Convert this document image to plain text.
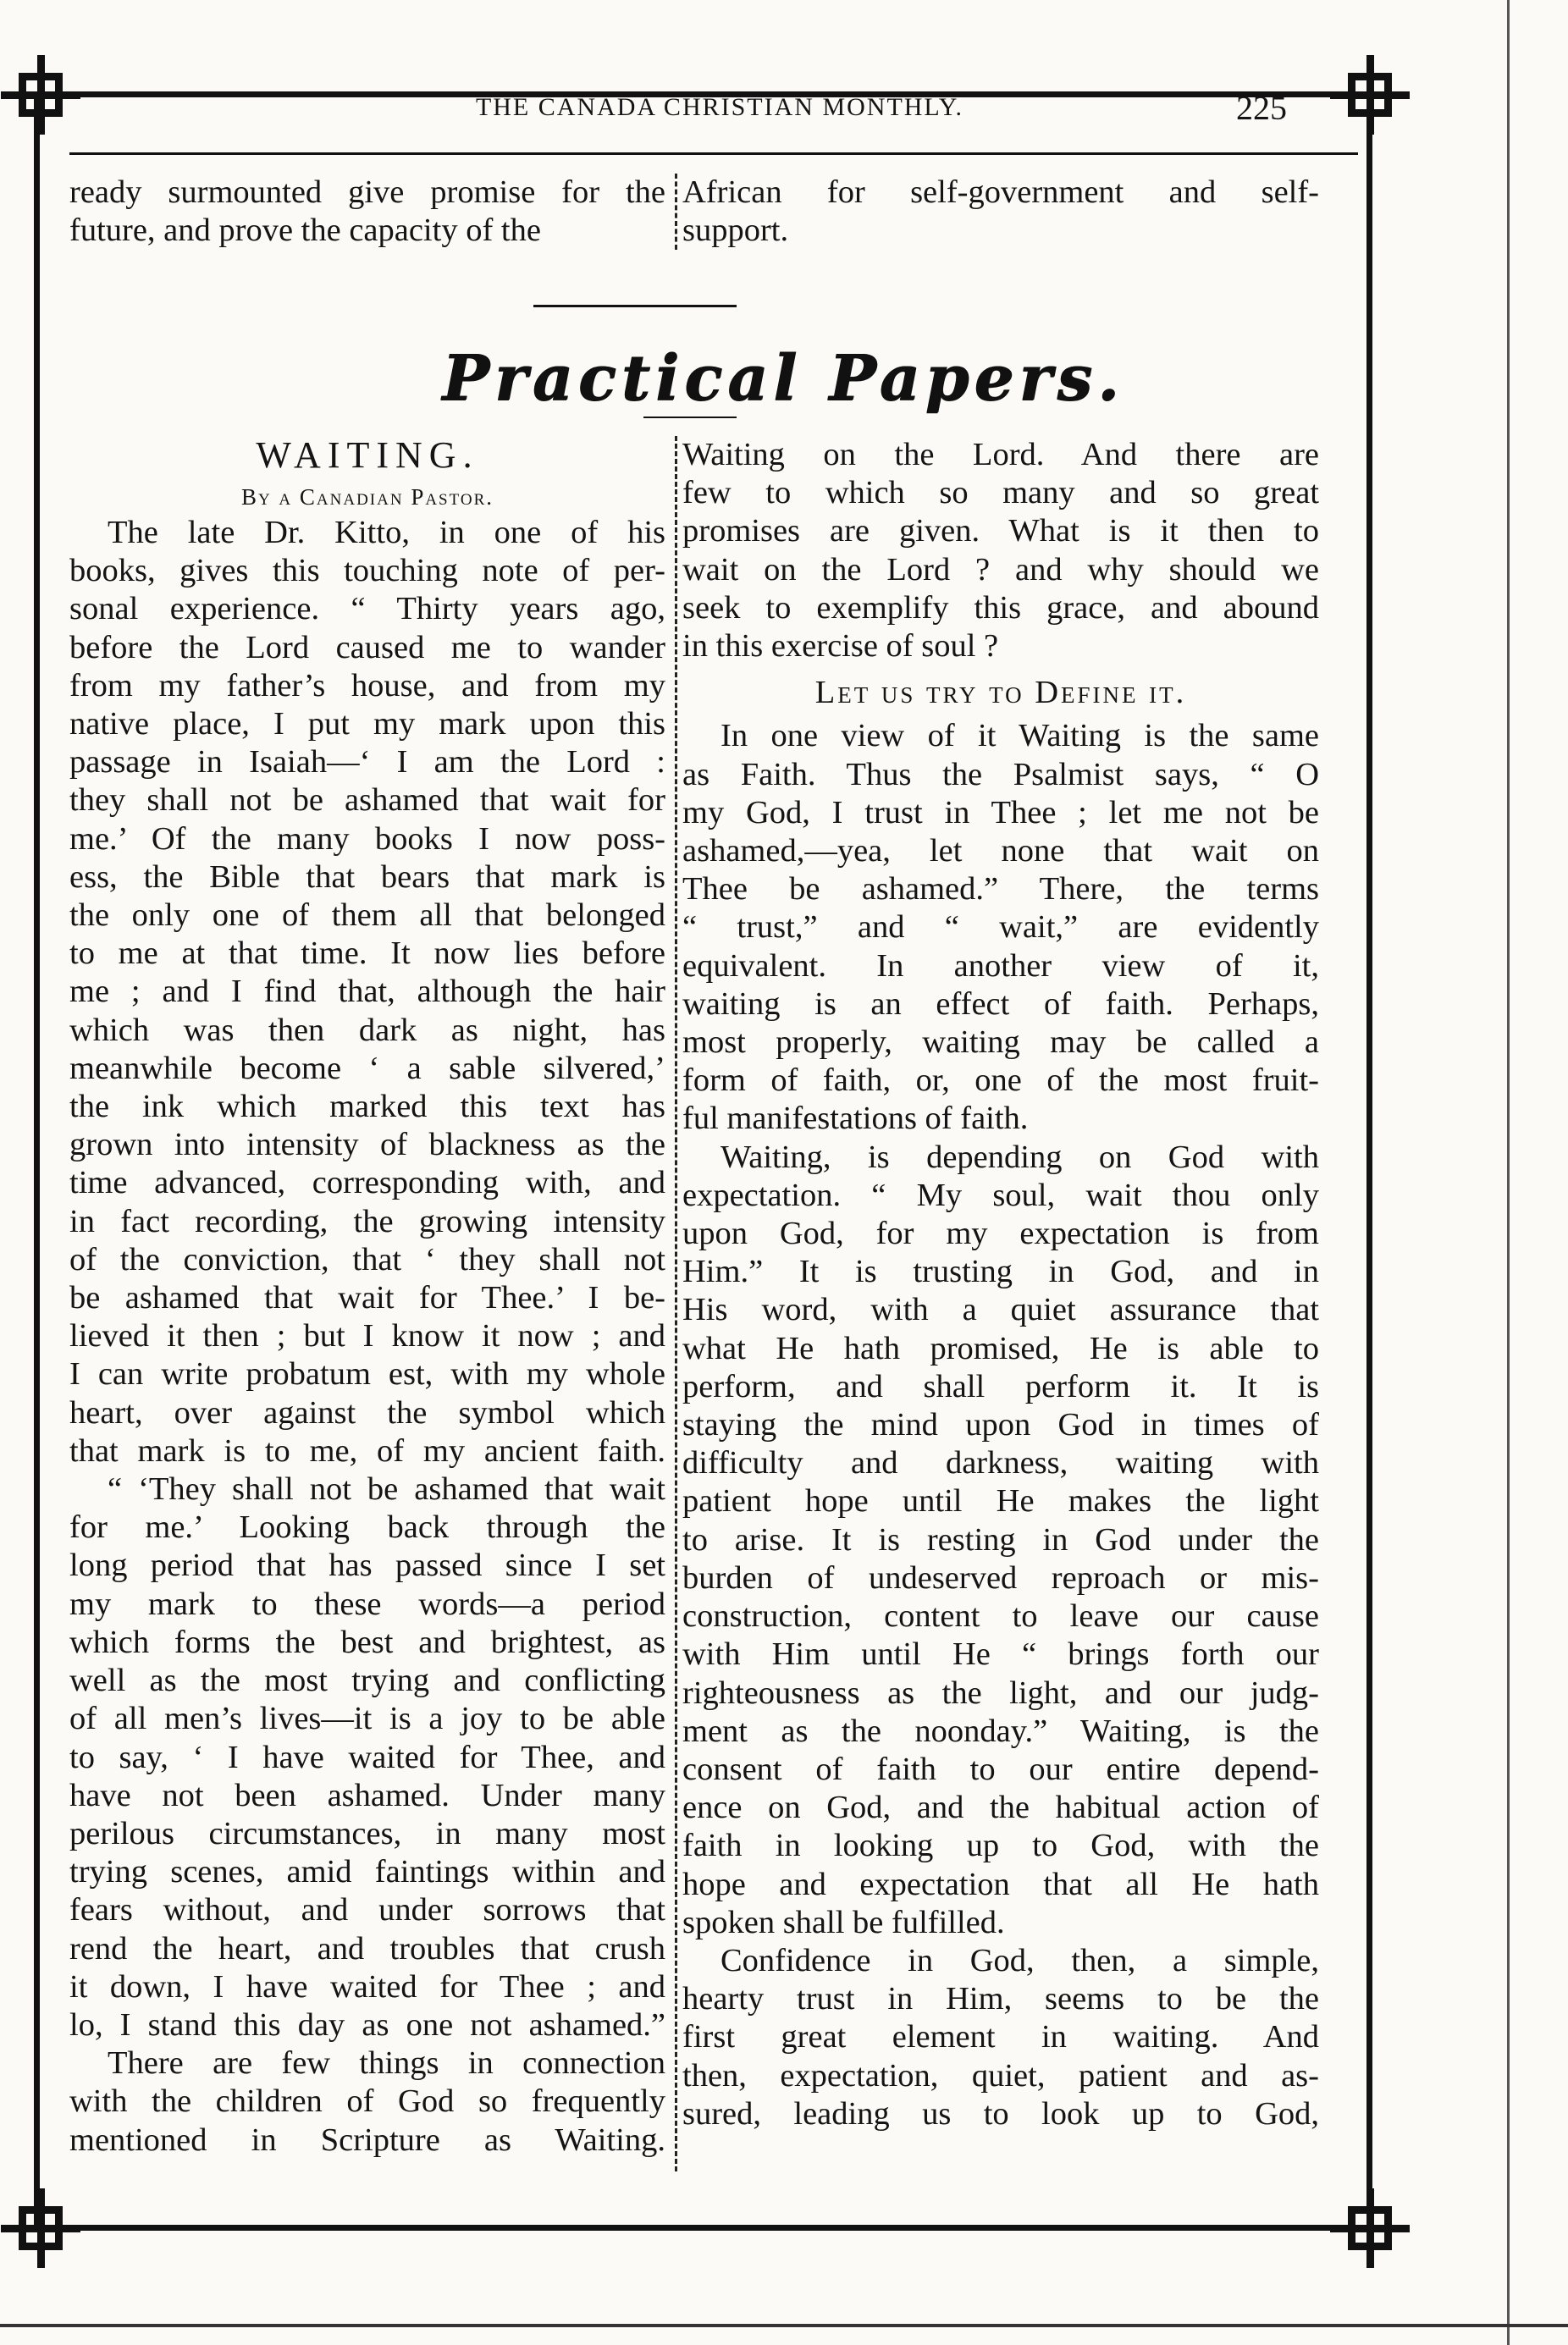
THE CANADA CHRISTIAN MONTHLY.	225
ready surmounted give promise for the
future, and prove the capacity of the
African for self-government and self-
support.
Practical Papers.
WAITING.
By a Canadian Pastor.
The late Dr. Kitto, in one of his
books, gives this touching note of per-
sonal experience. “ Thirty years ago,
before the Lord caused me to wander
from my father’s house, and from my
native place, I put my mark upon this
passage in Isaiah—‘ I am the Lord :
they shall not be ashamed that wait for
me.’ Of the many books I now poss-
ess, the Bible that bears that mark is
the only one of them all that belonged
to me at that time. It now lies before
me ; and I find that, although the hair
which was then dark as night, has
meanwhile become ‘ a sable silvered,’
the ink which marked this text has
grown into intensity of blackness as the
time advanced, corresponding with, and
in fact recording, the growing intensity
of the conviction, that ‘ they shall not
be ashamed that wait for Thee.’ I be-
lieved it then ; but I know it now ; and
I can write probatum est, with my whole
heart, over against the symbol which
that mark is to me, of my ancient faith.
“ ‘They shall not be ashamed that wait
for me.’ Looking back through the
long period that has passed since I set
my mark to these words—a period
which forms the best and brightest, as
well as the most trying and conflicting
of all men’s lives—it is a joy to be able
to say, ‘ I have waited for Thee, and
have not been ashamed. Under many
perilous circumstances, in many most
trying scenes, amid faintings within and
fears without, and under sorrows that
rend the heart, and troubles that crush
it down, I have waited for Thee ; and
lo, I stand this day as one not ashamed.”
There are few things in connection
with the children of God so frequently
mentioned in Scripture as Waiting.
Waiting on the Lord. And there are
few to which so many and so great
promises are given. What is it then to
wait on the Lord ? and why should we
seek to exemplify this grace, and abound
in this exercise of soul ?
Let us try to Define it.
In one view of it Waiting is the same
as Faith. Thus the Psalmist says, “ O
my God, I trust in Thee ; let me not be
ashamed,—yea, let none that wait on
Thee be ashamed.” There, the terms
“ trust,” and “ wait,” are evidently
equivalent. In another view of it,
waiting is an effect of faith. Perhaps,
most properly, waiting may be called a
form of faith, or, one of the most fruit-
ful manifestations of faith.
Waiting, is depending on God with
expectation. “ My soul, wait thou only
upon God, for my expectation is from
Him.” It is trusting in God, and in
His word, with a quiet assurance that
what He hath promised, He is able to
perform, and shall perform it. It is
staying the mind upon God in times of
difficulty and darkness, waiting with
patient hope until He makes the light
to arise. It is resting in God under the
burden of undeserved reproach or mis-
construction, content to leave our cause
with Him until He “ brings forth our
righteousness as the light, and our judg-
ment as the noonday.” Waiting, is the
consent of faith to our entire depend-
ence on God, and the habitual action of
faith in looking up to God, with the
hope and expectation that all He hath
spoken shall be fulfilled.
Confidence in God, then, a simple,
hearty trust in Him, seems to be the
first great element in waiting. And
then, expectation, quiet, patient and as-
sured, leading us to look up to God,
